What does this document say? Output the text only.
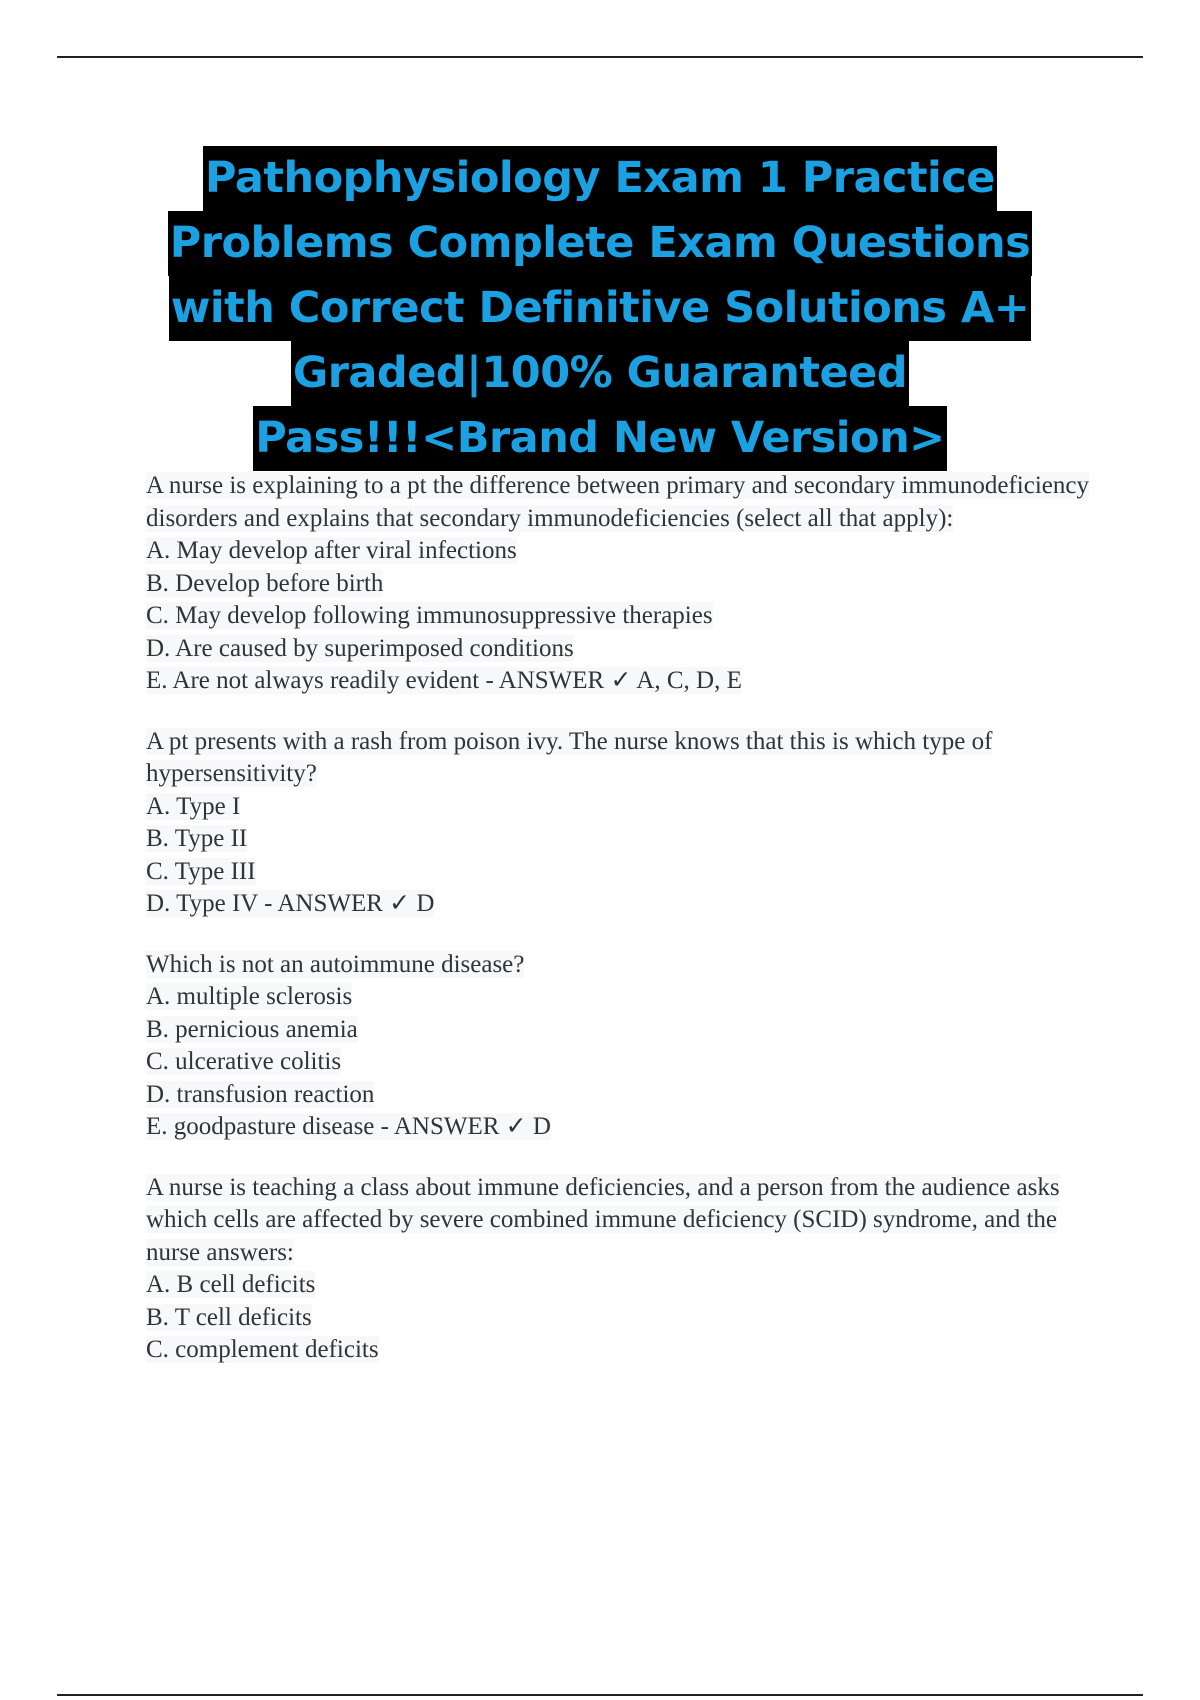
Pathophysiology Exam 1 Practice
Problems Complete Exam Questions
with Correct Definitive Solutions A+
Graded|100% Guaranteed
Pass!!!<Brand New Version>
A nurse is explaining to a pt the difference between primary and secondary immunodeficiency disorders and explains that secondary immunodeficiencies (select all that apply):
A. May develop after viral infections
B. Develop before birth
C. May develop following immunosuppressive therapies
D. Are caused by superimposed conditions
E. Are not always readily evident - ANSWER ✓ A, C, D, E
A pt presents with a rash from poison ivy. The nurse knows that this is which type of hypersensitivity?
A. Type I
B. Type II
C. Type III
D. Type IV - ANSWER ✓ D
Which is not an autoimmune disease?
A. multiple sclerosis
B. pernicious anemia
C. ulcerative colitis
D. transfusion reaction
E. goodpasture disease - ANSWER ✓ D
A nurse is teaching a class about immune deficiencies, and a person from the audience asks which cells are affected by severe combined immune deficiency (SCID) syndrome, and the nurse answers:
A. B cell deficits
B. T cell deficits
C. complement deficits
